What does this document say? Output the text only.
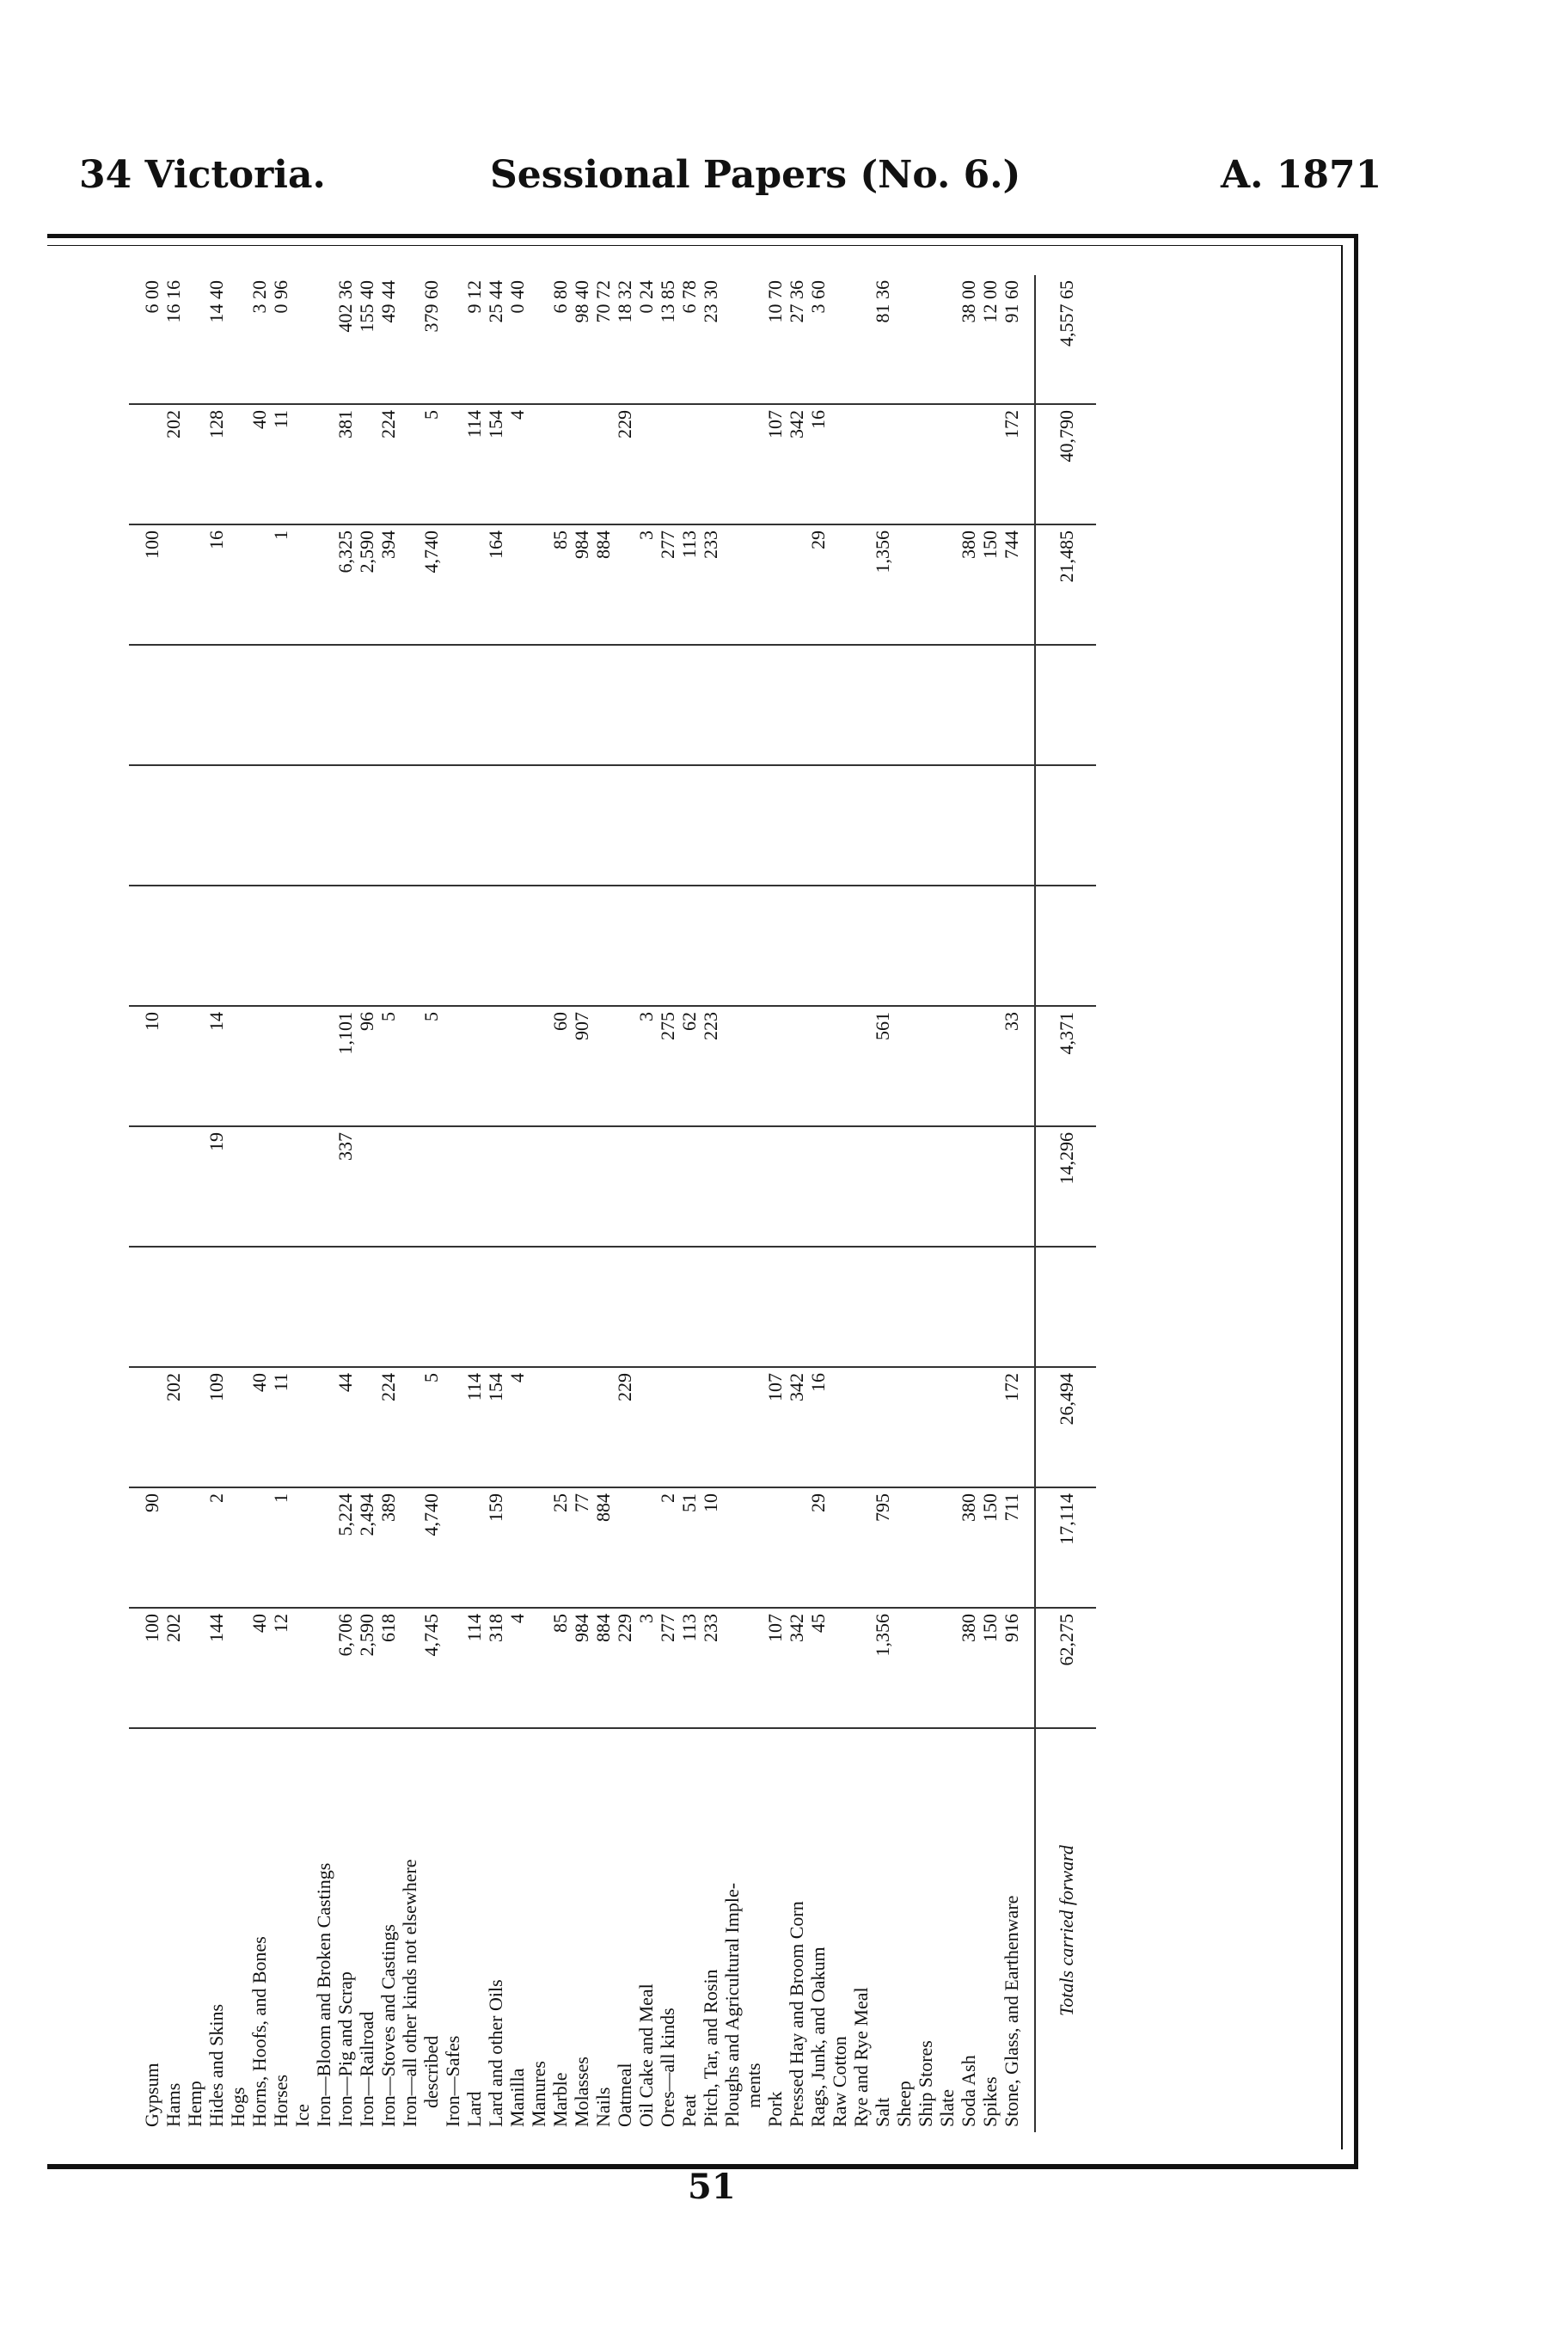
34 Victoria.	Sessional Papers (No. 6.)	A. 1871

Gypsum	100	90				10				100		6 00
Hams	202		202								202	16 16
Hemp												
Hides and Skins	144	2	109		19	14				16	128	14 40
Hogs												
Horns, Hoofs, and Bones	40		40								40	3 20
Horses	12	1	11							1	11	0 96
Ice												
Iron—Bloom and Broken Castings												
Iron—Pig and Scrap	6,706	5,224	44		337	1,101				6,325	381	402 36
Iron—Railroad	2,590	2,494				96				2,590		155 40
Iron—Stoves and Castings	618	389	224			5				394	224	49 44
Iron—all other kinds not elsewhere												
described	4,745	4,740	5			5				4,740	5	379 60
Iron—Safes												
Lard	114		114								114	9 12
Lard and other Oils	318	159	154							164	154	25 44
Manilla	4		4								4	0 40
Manures												
Marble	85	25				60				85		6 80
Molasses	984	77				907				984		98 40
Nails	884	884								884		70 72
Oatmeal	229		229								229	18 32
Oil Cake and Meal	3					3				3		0 24
Ores—all kinds	277	2				275				277		13 85
Peat	113	51				62				113		6 78
Pitch, Tar, and Rosin	233	10				223				233		23 30
Ploughs and Agricultural Imple-												
ments												
Pork	107		107								107	10 70
Pressed Hay and Broom Corn	342		342								342	27 36
Rags, Junk, and Oakum	45	29	16							29	16	3 60
Raw Cotton												
Rye and Rye Meal												
Salt	1,356	795				561				1,356		81 36
Sheep												
Ship Stores												
Slate												
Soda Ash	380	380								380		38 00
Spikes	150	150								150		12 00
Stone, Glass, and Earthenware	916	711	172			33				744	172	91 60

Totals carried forward	62,275	17,114	26,494		14,296	4,371				21,485	40,790	4,557 65
51
